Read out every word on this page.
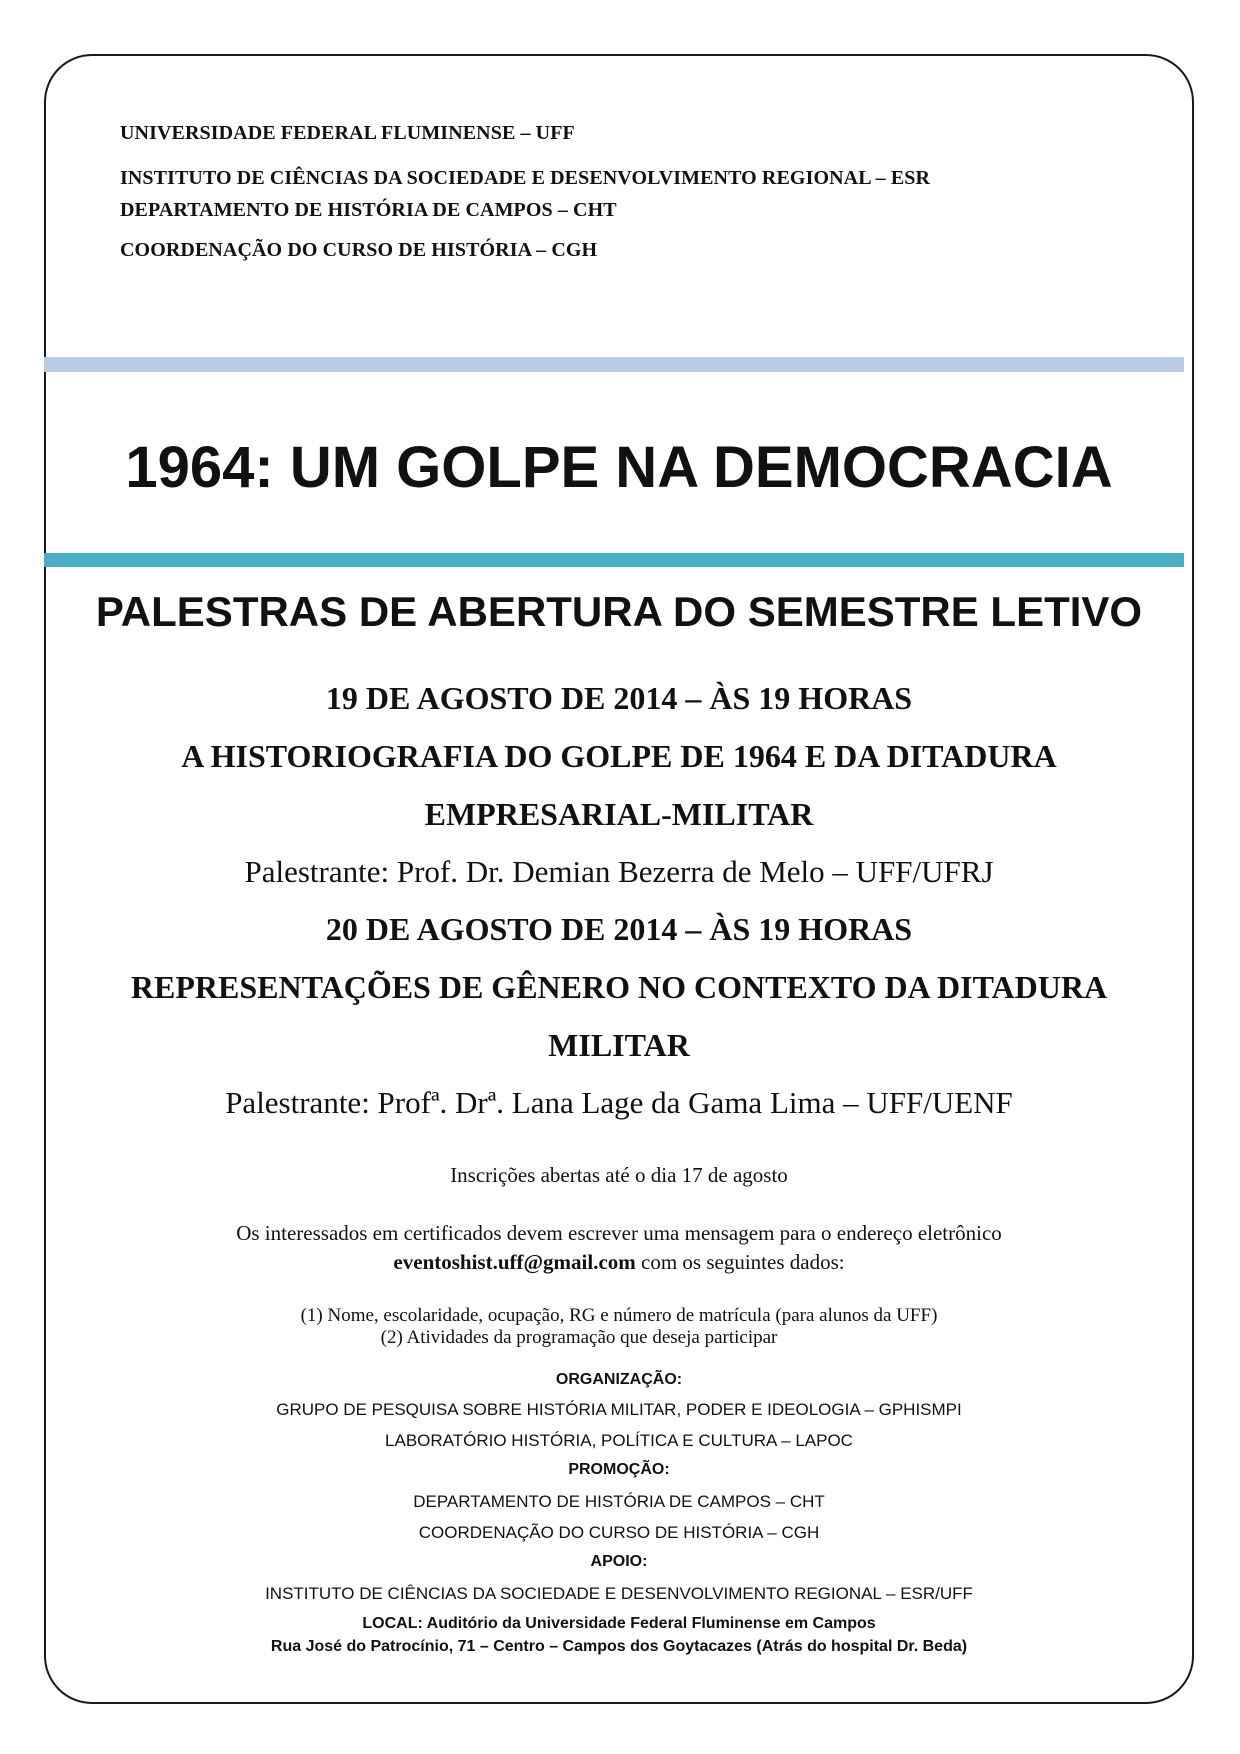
UNIVERSIDADE FEDERAL FLUMINENSE – UFF
INSTITUTO DE CIÊNCIAS DA SOCIEDADE E DESENVOLVIMENTO REGIONAL – ESR
DEPARTAMENTO DE HISTÓRIA DE CAMPOS – CHT
COORDENAÇÃO DO CURSO DE HISTÓRIA – CGH
1964: UM GOLPE NA DEMOCRACIA
PALESTRAS DE ABERTURA DO SEMESTRE LETIVO
19 DE AGOSTO DE 2014 – ÀS 19 HORAS
A HISTORIOGRAFIA DO GOLPE DE 1964 E DA DITADURA
EMPRESARIAL-MILITAR
Palestrante: Prof. Dr. Demian Bezerra de Melo – UFF/UFRJ
20 DE AGOSTO DE 2014 – ÀS 19 HORAS
REPRESENTAÇÕES DE GÊNERO NO CONTEXTO DA DITADURA
MILITAR
Palestrante: Profª. Drª. Lana Lage da Gama Lima – UFF/UENF
Inscrições abertas até o dia 17 de agosto
Os interessados em certificados devem escrever uma mensagem para o endereço eletrônico
eventoshist.uff@gmail.com com os seguintes dados:
(1) Nome, escolaridade, ocupação, RG e número de matrícula (para alunos da UFF)
(2) Atividades da programação que deseja participar
ORGANIZAÇÃO:
GRUPO DE PESQUISA SOBRE HISTÓRIA MILITAR, PODER E IDEOLOGIA – GPHISMPI
LABORATÓRIO HISTÓRIA, POLÍTICA E CULTURA – LAPOC
PROMOÇÃO:
DEPARTAMENTO DE HISTÓRIA DE CAMPOS – CHT
COORDENAÇÃO DO CURSO DE HISTÓRIA – CGH
APOIO:
INSTITUTO DE CIÊNCIAS DA SOCIEDADE E DESENVOLVIMENTO REGIONAL – ESR/UFF
LOCAL: Auditório da Universidade Federal Fluminense em Campos
Rua José do Patrocínio, 71 – Centro – Campos dos Goytacazes (Atrás do hospital Dr. Beda)
